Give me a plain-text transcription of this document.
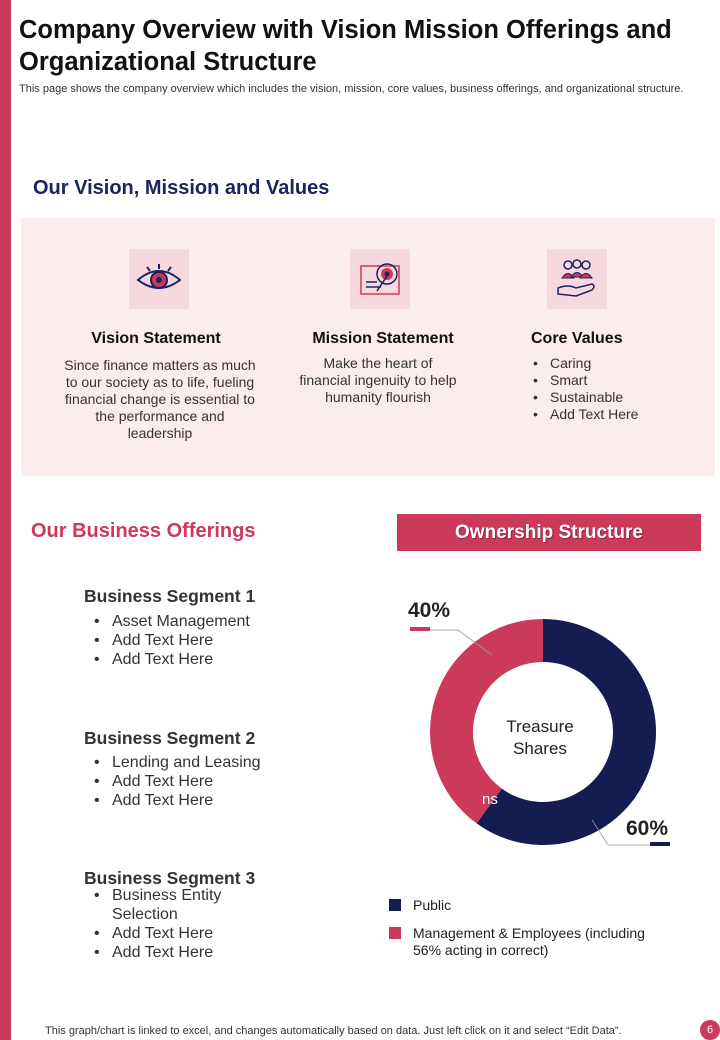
Company Overview with Vision Mission Offerings and Organizational Structure
This page shows the company overview which includes the vision, mission, core values, business offerings, and organizational structure.
Our Vision, Mission and Values
Vision Statement
Since finance matters as much to our society as to life, fueling financial change is essential to the performance and leadership
Mission Statement
Make the heart of financial ingenuity to help humanity flourish
Core Values
• Caring
• Smart
• Sustainable
• Add Text Here
Our Business Offerings
Business Segment 1
• Asset Management
• Add Text Here
• Add Text Here
Business Segment 2
• Lending and Leasing
• Add Text Here
• Add Text Here
Business Segment 3
• Business Entity Selection
• Add Text Here
• Add Text Here
Ownership Structure
40%
60%
Treasure
Shares
ns
Public
Management & Employees (including 56% acting in correct)
This graph/chart is linked to excel, and changes automatically based on data. Just left click on it and select “Edit Data”.	6
